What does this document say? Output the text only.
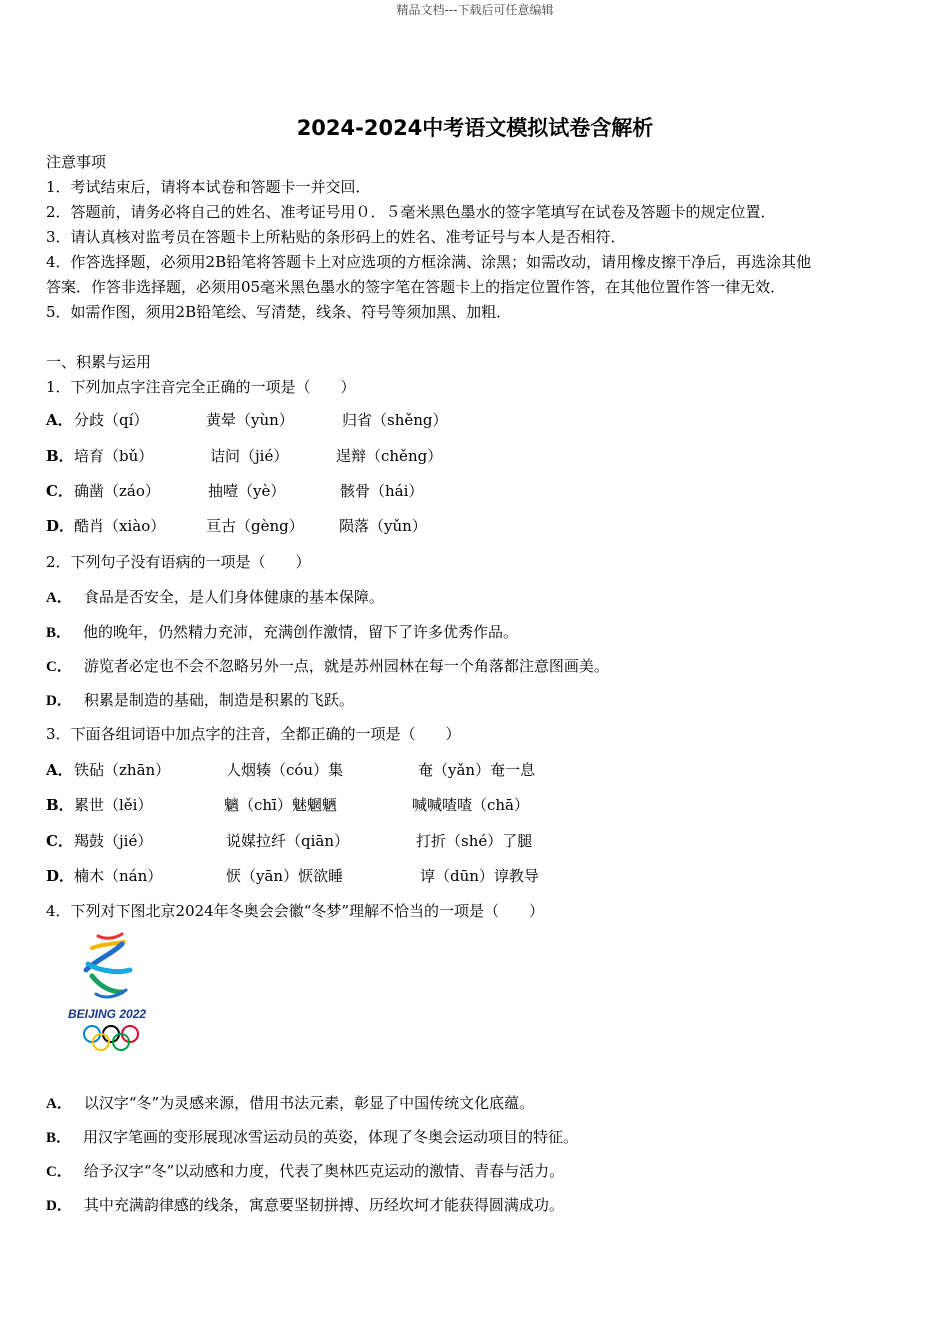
精品文档---下载后可任意编辑
2024-2024中考语文模拟试卷含解析
注意事项
1．考试结束后，请将本试卷和答题卡一并交回．
2．答题前，请务必将自己的姓名、准考证号用０．５毫米黑色墨水的签字笔填写在试卷及答题卡的规定位置．
3．请认真核对监考员在答题卡上所粘贴的条形码上的姓名、准考证号与本人是否相符．
4．作答选择题，必须用2B铅笔将答题卡上对应选项的方框涂满、涂黑；如需改动，请用橡皮擦干净后，再选涂其他
答案．作答非选择题，必须用05毫米黑色墨水的签字笔在答题卡上的指定位置作答，在其他位置作答一律无效．
5．如需作图，须用2B铅笔绘、写清楚，线条、符号等须加黑、加粗．
一、积累与运用
1．下列加点字注音完全正确的一项是（　　）
A． 分歧（qí）	黄晕（yùn）	归省（shěng）
B． 培育（bǔ）	诘问（jié）	逞辩（chěng）
C． 确凿（záo）	抽噎（yè）	骸骨（hái）
D． 酷肖（xiào）	亘古（gèng） 陨落（yǔn）
2．下列句子没有语病的一项是（　　）
A． 食品是否安全，是人们身体健康的基本保障。
B． 他的晚年，仍然精力充沛，充满创作激情，留下了许多优秀作品。
C． 游览者必定也不会不忽略另外一点，就是苏州园林在每一个角落都注意图画美。
D． 积累是制造的基础，制造是积累的飞跃。
3．下面各组词语中加点字的注音，全都正确的一项是（　　）
A． 铁砧（zhān）	人烟辏（cóu）集	奄（yǎn）奄一息
B． 累世（lěi）	魑（chī）魅魍魉	喊喊喳喳（chā）
C． 羯鼓（jié）	说媒拉纤（qiān）	打折（shé）了腿
D． 楠木（nán）	恹（yān）恹欲睡	谆（dūn）谆教导
4．下列对下图北京2024年冬奥会会徽“冬梦”理解不恰当的一项是（　　）
BEIJING 2022
A． 以汉字“冬”为灵感来源，借用书法元素，彰显了中国传统文化底蕴。
B． 用汉字笔画的变形展现冰雪运动员的英姿，体现了冬奥会运动项目的特征。
C． 给予汉字“冬”以动感和力度，代表了奥林匹克运动的激情、青春与活力。
D． 其中充满韵律感的线条，寓意要坚韧拼搏、历经坎坷才能获得圆满成功。
